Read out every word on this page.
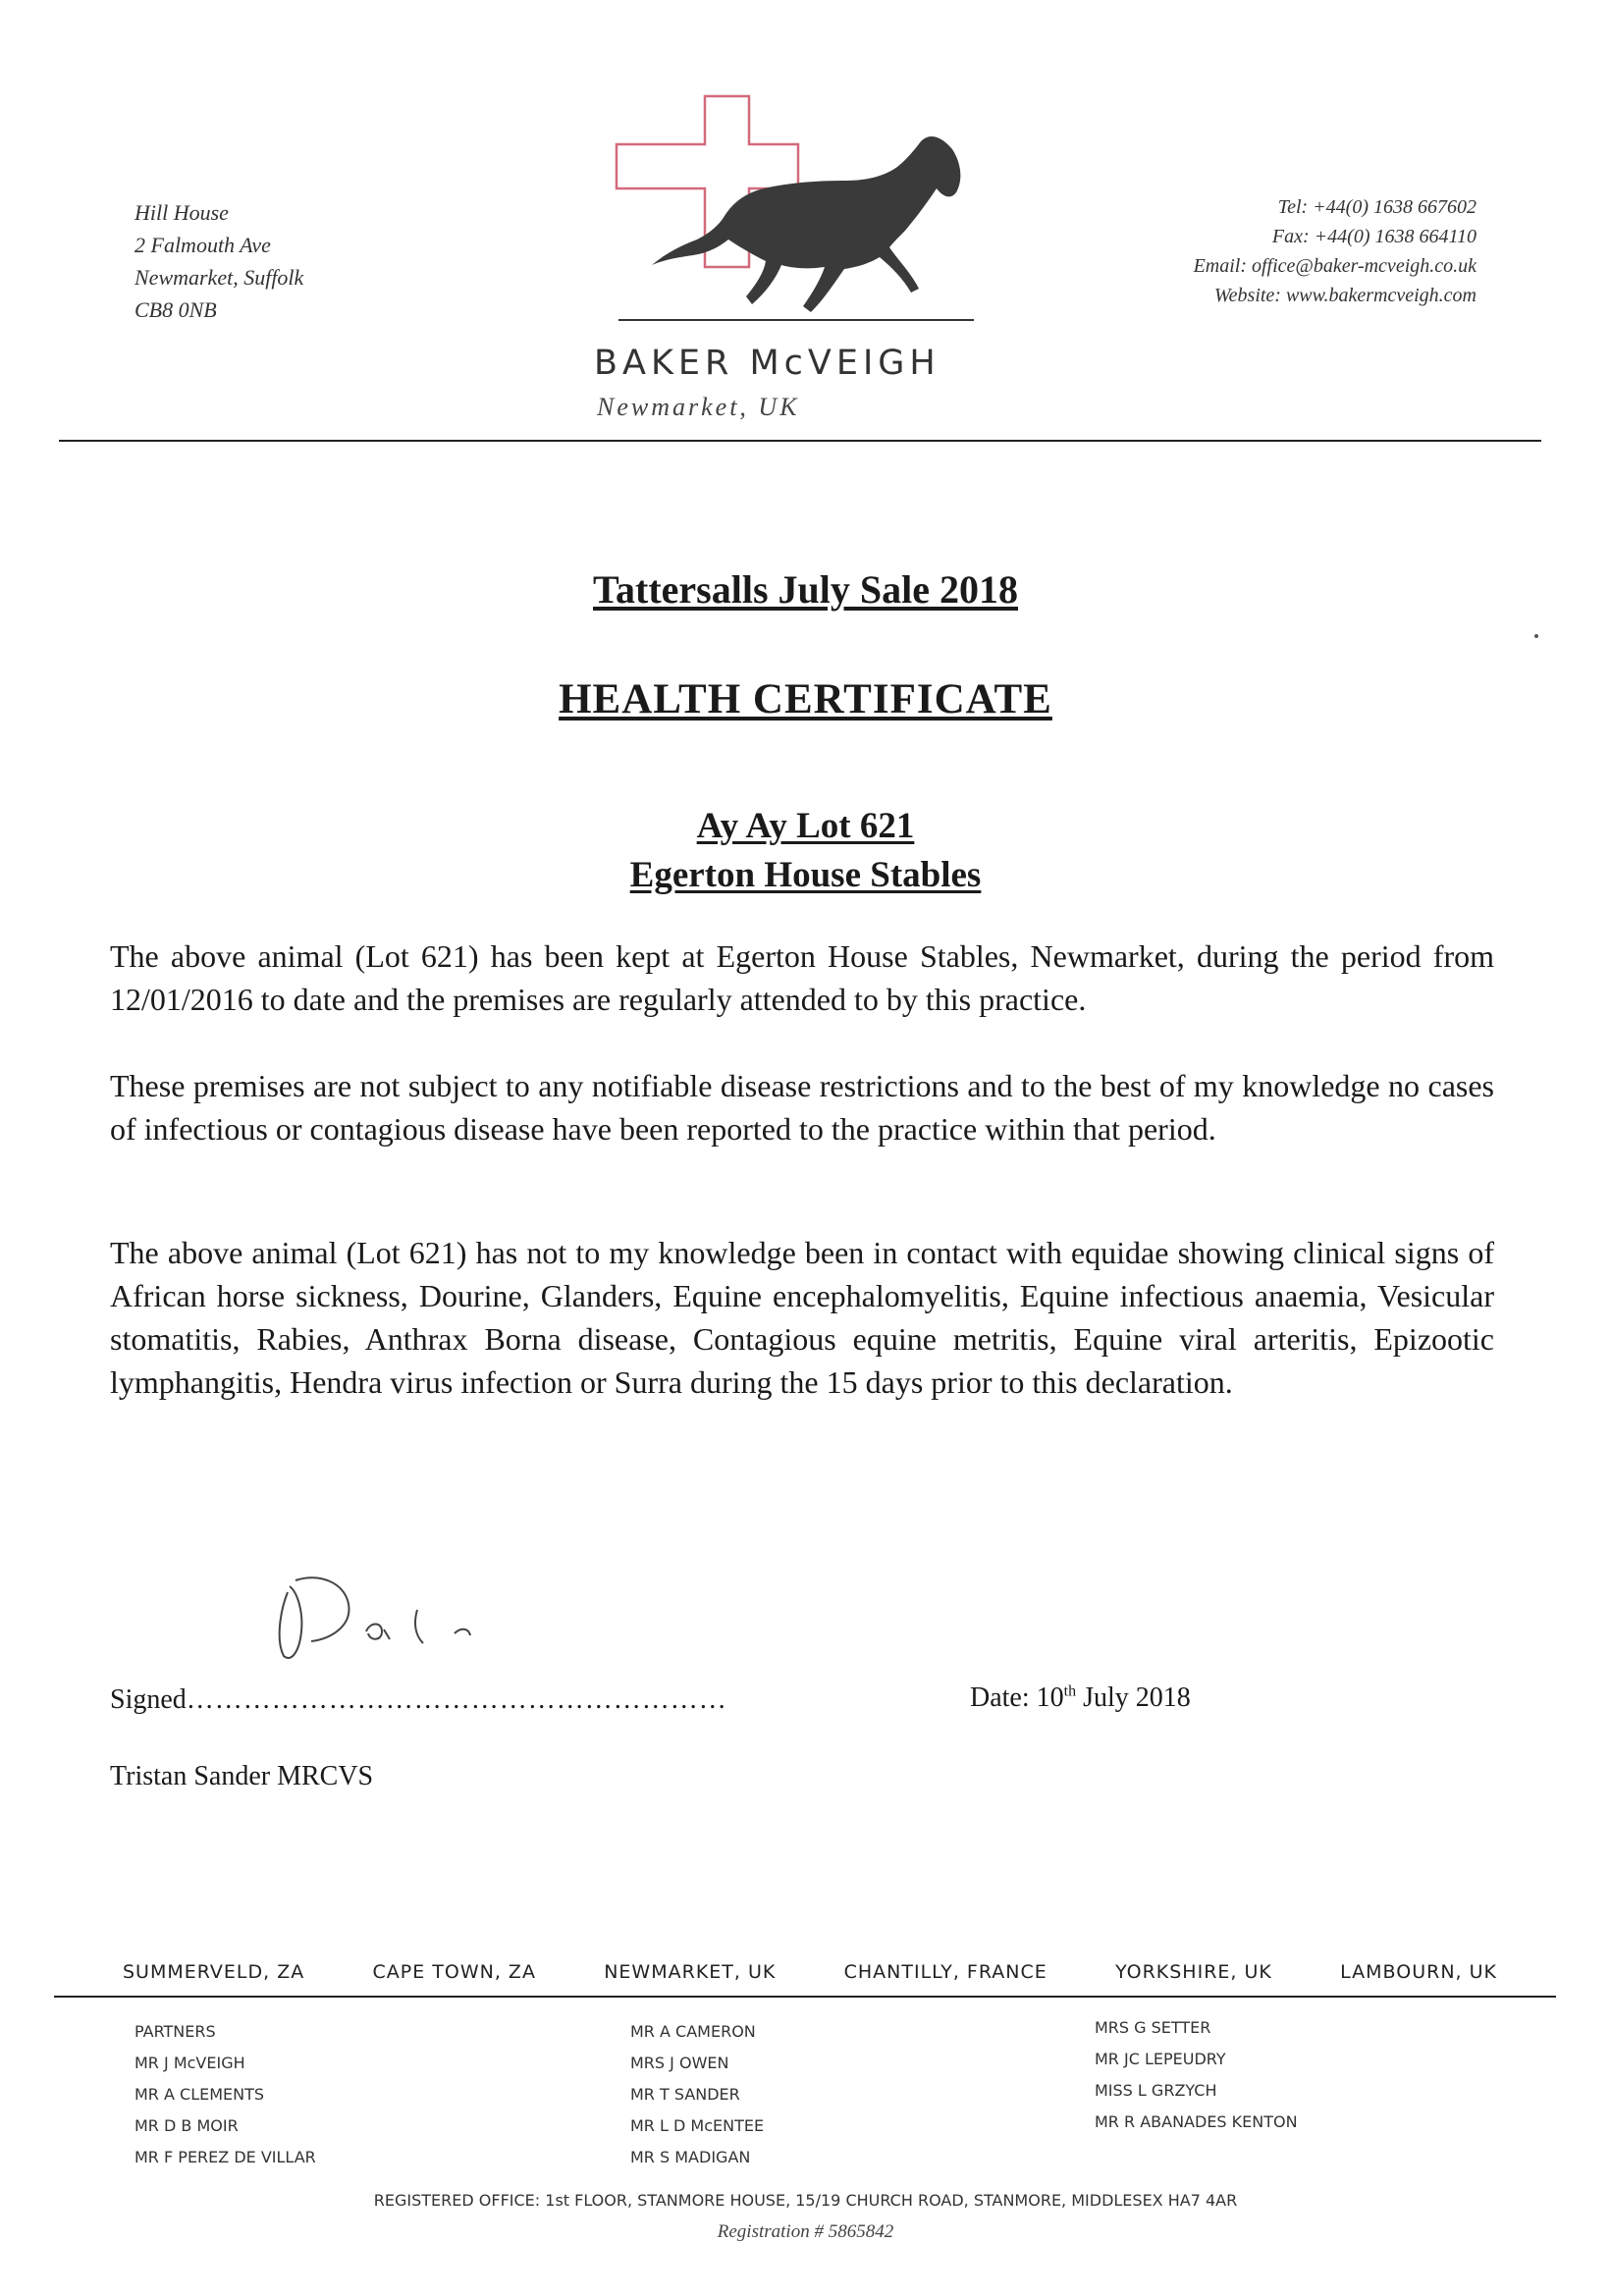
Hill House
2 Falmouth Ave
Newmarket, Suffolk
CB8 0NB
BAKER McVEIGH
Newmarket, UK
Tel: +44(0) 1638 667602
Fax: +44(0) 1638 664110
Email: office@baker-mcveigh.co.uk
Website: www.bakermcveigh.com
Tattersalls July Sale 2018
HEALTH CERTIFICATE
Ay Ay Lot 621
Egerton House Stables
The above animal (Lot 621) has been kept at Egerton House Stables, Newmarket, during the period from 12/01/2016 to date and the premises are regularly attended to by this practice.
These premises are not subject to any notifiable disease restrictions and to the best of my knowledge no cases of infectious or contagious disease have been reported to the practice within that period.
The above animal (Lot 621) has not to my knowledge been in contact with equidae showing clinical signs of African horse sickness, Dourine, Glanders, Equine encephalomyelitis, Equine infectious anaemia, Vesicular stomatitis, Rabies, Anthrax Borna disease, Contagious equine metritis, Equine viral arteritis, Epizootic lymphangitis, Hendra virus infection or Surra during the 15 days prior to this declaration.
Signed…………………………………………………	Date: 10th July 2018
Tristan Sander MRCVS
SUMMERVELD, ZA	CAPE TOWN, ZA	NEWMARKET, UK	CHANTILLY, FRANCE	YORKSHIRE, UK	LAMBOURN, UK
PARTNERS
MR J McVEIGH
MR A CLEMENTS
MR D B MOIR
MR F PEREZ DE VILLAR
MR A CAMERON
MRS J OWEN
MR T SANDER
MR L D McENTEE
MR S MADIGAN
MRS G SETTER
MR JC LEPEUDRY
MISS L GRZYCH
MR R ABANADES KENTON
REGISTERED OFFICE: 1st FLOOR, STANMORE HOUSE, 15/19 CHURCH ROAD, STANMORE, MIDDLESEX HA7 4AR
Registration # 5865842
